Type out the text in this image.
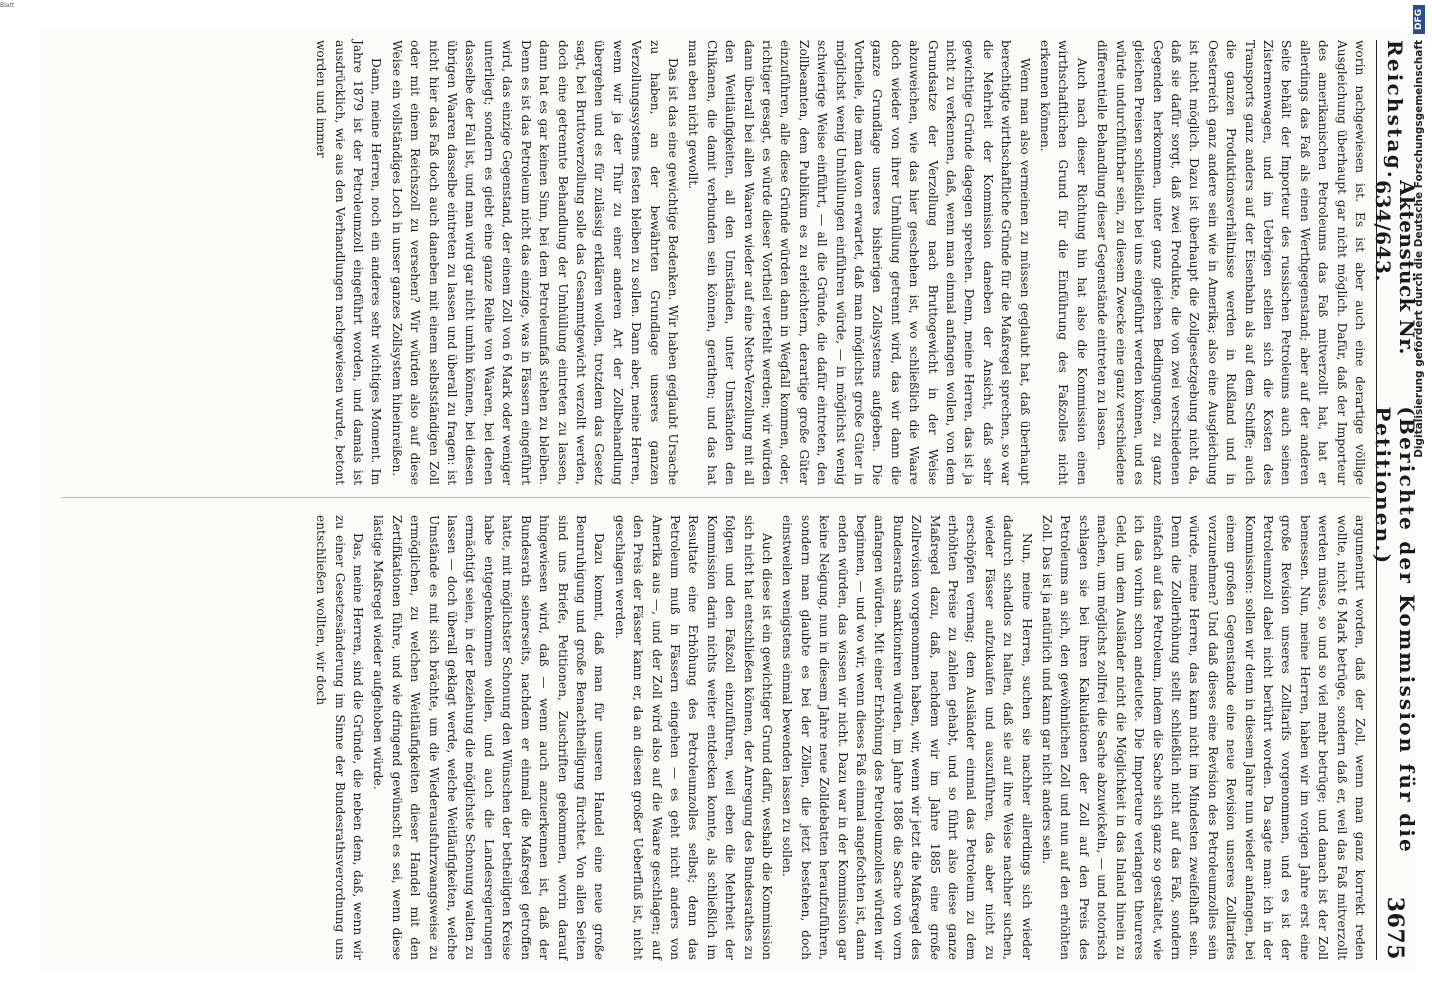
Blatt
Reichstag.
Aktenstück Nr. 634/643.
(Berichte der Kommission für die Petitionen.)
3675

worin nachgewiesen ist. Es ist aber auch eine derartige völlige Ausgleichung überhaupt gar nicht möglich. Dafür, daß der Importeur des amerikanischen Petroleums das Faß mitverzollt hat, hat er allerdings das Faß als einen Werthgegenstand; aber auf der anderen Seite behält der Importeur des russischen Petroleums auch seinen Zisternenwagen, und im Uebrigen stellen sich die Kosten des Transports ganz anders auf der Eisenbahn als auf dem Schiffe; auch die ganzen Produktionsverhältnisse werden in Rußland und in Oesterreich ganz andere sein wie in Amerika; also eine Ausgleichung ist nicht möglich. Dazu ist überhaupt die Zollgesetzgebung nicht da, daß sie dafür sorgt, daß zwei Produkte, die von zwei verschiedenen Gegenden herkommen, unter ganz gleichen Bedingungen, zu ganz gleichen Preisen schließlich bei uns eingeführt werden können, und es würde undurchführbar sein, zu diesem Zwecke eine ganz verschiedene differentielle Behandlung dieser Gegenstände eintreten zu lassen.

Auch nach dieser Richtung hin hat also die Kommission einen wirthschaftlichen Grund für die Einführung des Faßzolles nicht erkennen können.

Wenn man also vermeinen zu müssen geglaubt hat, daß überhaupt berechtigte wirthschaftliche Gründe für die Maßregel sprechen, so war die Mehrheit der Kommission daneben der Ansicht, daß sehr gewichtige Gründe dagegen sprechen. Denn, meine Herren, das ist ja nicht zu verkennen, daß, wenn man einmal anfangen wollen, von dem Grundsatze der Verzollung nach Bruttogewicht in der Weise abzuweichen, wie das hier geschehen ist, wo schließlich die Waare doch wieder von ihrer Umhüllung getrennt wird, das wir dann die ganze Grundlage unseres bisherigen Zollsystems aufgeben. Die Vortheile, die man davon erwartet, daß man möglichst große Güter in möglichst wenig Umhüllungen einführen würde, — in möglichst wenig schwierige Weise einführt, — all die Gründe, die dafür eintreten, den Zollbeamten, dem Publikum es zu erleichtern, derartige große Güter einzuführen, alle diese Gründe würden dann in Wegfall kommen, oder, richtiger gesagt, es würde dieser Vortheil verfehlt werden; wir würden dann überall bei allen Waaren wieder auf eine Netto-Verzollung mit all den Weitläufigkeiten, all den Umständen, unter Umständen den Chikanen, die damit verbunden sein können, gerathen; und das hat man eben nicht gewollt.

Das ist das eine gewichtige Bedenken. Wir haben geglaubt Ursache zu haben, an der bewährten Grundlage unseres ganzen Verzollungssystems festen bleiben zu sollen. Dann aber, meine Herren, wenn wir ja der Thür zu einer anderen Art der Zollbehandlung übergehen und es für zulässig erklären wollen, trotzdem das Gesetz sagt, bei Bruttoverzollung solle das Gesammtgewicht verzollt werden, doch eine getrennte Behandlung der Umhüllung eintreten zu lassen, dann hat es gar keinen Sinn, bei dem Petroleumfaß stehen zu bleiben. Denn es ist das Petroleum nicht das einzige, was in Fässern eingeführt wird, das einzige Gegenstand, der einem Zoll von 6 Mark oder weniger unterliegt; sondern es giebt eine ganze Reihe von Waaren, bei denen dasselbe der Fall ist, und man wird gar nicht umhin können, bei diesen übrigen Waaren dasselbe eintreten zu lassen und überall zu fragen: ist nicht hier das Faß doch auch daneben mit einem selbstständigen Zoll oder mit einem Reichszoll zu versehen? Wir würden also auf diese Weise ein vollständiges Loch in unser ganzes Zollsystem hineinreißen.

Dann, meine Herren, noch ein anderes sehr wichtiges Moment. Im Jahre 1879 ist der Petroleumzoll eingeführt worden, und damals ist ausdrücklich, wie aus den Verhandlungen nachgewiesen wurde, betont worden und immer

argumentirt worden, daß der Zoll, wenn man ganz korrekt reden wollte, nicht 6 Mark betrüge, sondern daß er, weil das Faß mitverzollt werden müsse, so und so viel mehr betrüge; und danach ist der Zoll bemessen. Nun, meine Herren, haben wir im vorigen Jahre erst eine große Revision unseres Zolltarifs vorgenommen, und es ist der Petroleumzoll dabei nicht berührt worden. Da sagte man: ich in der Kommission: sollen wir denn in diesem Jahre nun wieder anfangen, bei einem großen Gegenstande eine neue Revision unseres Zolltarifes vorzunehmen? Und daß dieses eine Revision des Petroleumzolles sein würde, meine Herren, das kann nicht im Mindesten zweifelhaft sein. Denn die Zollerhöhung stellt schließlich nicht auf das Faß, sondern einfach auf das Petroleum, indem die Sache sich ganz so gestaltet, wie ich das vorhin schon andeutete. Die Importeure verlangen theureres Geld, um dem Ausländer nicht die Möglichkeit in das Inland hinein zu machen, um möglichst zollfrei die Sache abzuwickeln, — und notorisch schlagen sie bei ihren Kalkulationen der Zoll auf den Preis des Petroleums an sich, den gewöhnlichen Zoll und nun auf den erhöhten Zoll. Das ist ja natürlich und kann gar nicht anders sein.

Nun, meine Herren, suchen sie nachher allerdings sich wieder dadurch schadlos zu halten, daß sie auf ihre Weise nachher suchen, wieder Fässer aufzukaufen und auszuführen, das aber nicht zu erschöpfen vermag; dem Ausländer einmal das Petroleum zu dem erhöhten Preise zu zahlen gehabt, und so führt also diese ganze Maßregel dazu, daß, nachdem wir im Jahre 1885 eine große Zollrevision vorgenommen haben, wir, wenn wir jetzt die Maßregel des Bundesraths sanktioniren würden, im Jahre 1886 die Sache von vorn anfangen würden. Mit einer Erhöhung des Petroleumzolles würden wir beginnen, — und wo wir, wenn dieses Faß einmal angefochten ist, dann enden würden, das wissen wir nicht. Dazu war in der Kommission gar keine Neigung, nun in diesem Jahre neue Zolldebatten heraufzuführen, sondern man glaubte es bei der Zöllen, die jetzt bestehen, doch einstweilen wenigstens einmal bewenden lassen zu sollen.

Auch diese ist ein gewichtiger Grund dafür, weshalb die Kommission sich nicht hat entschließen können, der Anregung des Bundesrathes zu folgen und den Faßzoll einzuführen, weil eben die Mehrheit der Kommission darin nichts weiter entdecken konnte, als schließlich im Resultate eine Erhöhung des Petroleumzolles selbst; denn das Petroleum muß in Fässern eingehen — es geht nicht anders von Amerika aus —, und der Zoll wird also auf die Waare geschlagen; auf den Preis der Fässer kann er, da an diesen großer Ueberfluß ist, nicht geschlagen werden.

Dazu kommt, daß man für unseren Handel eine neue große Beunruhigung und große Benachtheiligung fürchtet. Von allen Seiten sind uns Briefe, Petitionen, Zuschriften gekommen, worin darauf hingewiesen wird, daß — wenn auch anzuerkennen ist, daß der Bundesrath seinerseits, nachdem er einmal die Maßregel getroffen hatte, mit möglichster Schonung den Wünschen der betheiligten Kreise habe entgegenkommen wollen, und auch die Landesregierungen ermächtigt seien, in der Beziehung die möglichste Schonung walten zu lassen — doch überall geklagt werde, welche Weitläufigkeiten, welche Umstände es mit sich brächte, um die Wiederausfuhrzwangsweise zu ermöglichen, zu welchen Weitläufigkeiten dieser Handel mit den Zertifikationen führe, und wie dringend gewünscht es sei, wenn diese lästige Maßregel wieder aufgehoben würde.

Das, meine Herren, sind die Gründe, die neben dem, daß, wenn wir zu einer Gesetzesänderung im Sinne der Bundesrathsverordnung uns entschließen wollten, wir doch

Digitalisierung gefördert durch die Deutsche Forschungsgemeinschaft
DFG
